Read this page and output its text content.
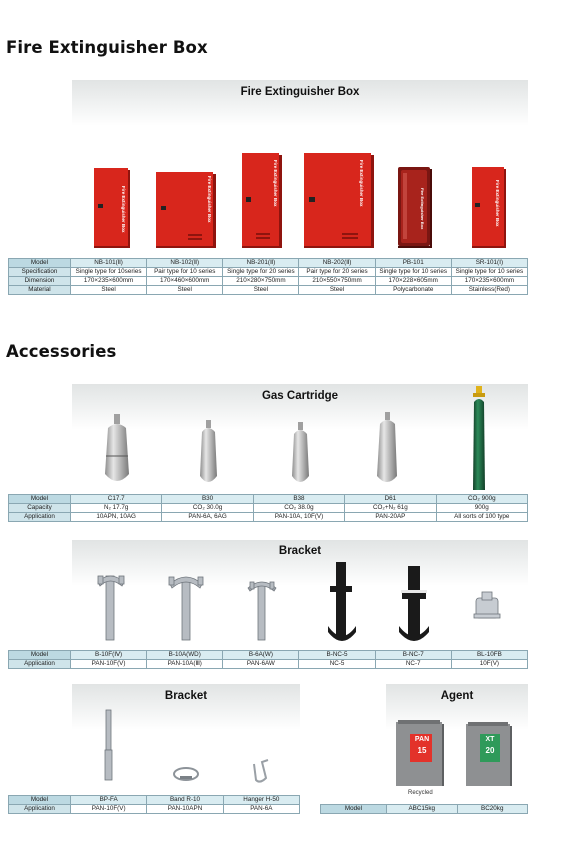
Fire Extinguisher Box
Fire Extinguisher Box
Fire Extinguisher Box	Fire Extinguisher Box	Fire Extinguisher Box	Fire Extinguisher Box
Fire Extinguisher Box	Fire Extinguisher Box
Model	NB-101(Ⅱ)	NB-102(Ⅱ)	NB-201(Ⅱ)	NB-202(Ⅱ)	PB-101	SR-101(Ⅰ)
Specification	Single type for 10series	Pair type for 10 series	Single type for 20 series	Pair type for 20 series	Single type for 10 series	Single type for 10 series
Dimension	170×235×600mm	170×460×600mm	210×280×750mm	210×550×750mm	170×228×605mm	170×235×600mm
Material	Steel	Steel	Steel	Steel	Polycarbonate	Stainless(Red)
Accessories
Gas Cartridge
Model	C17.7	B30	B38	D61	CO₂ 900g
Capacity	N₂ 17.7g	CO₂ 30.0g	CO₂ 38.0g	CO₂+N₂ 61g	900g
Application	10APN, 10AG	PAN-6A, 6AG	PAN-10A, 10F(V)	PAN-20AP	All sorts of 100 type
Bracket
Model	B-10F(Ⅳ)	B-10A(WD)	B-6A(W)	B-NC-5	B-NC-7	BL-10FB
Application	PAN-10F(V)	PAN-10A(Ⅲ)	PAN-6AW	NC-5	NC-7	10F(V)
Bracket
Model	BP-FA	Band R-10	Hanger H-50
Application	PAN-10F(V)	PAN-10APN	PAN-6A
Agent
PAN
15
XT
20
Recycled
Model	ABC15kg	BC20kg
